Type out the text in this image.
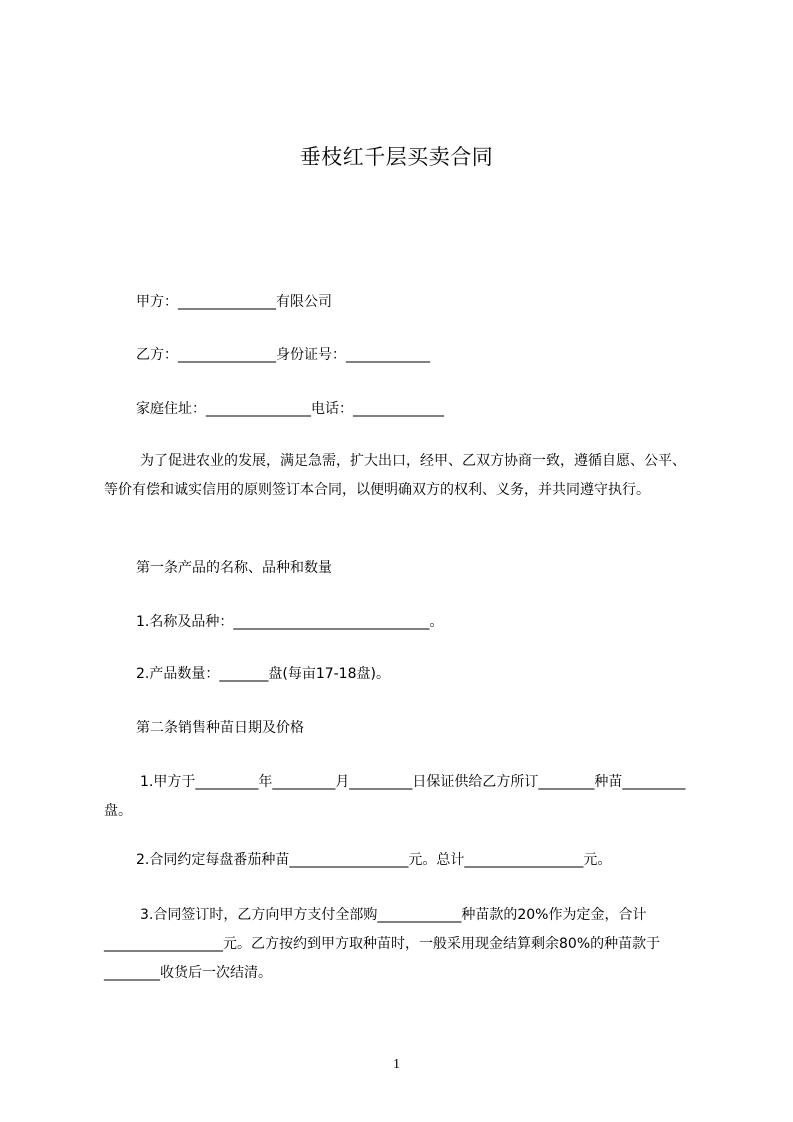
垂枝红千层买卖合同
甲方：______________有限公司
乙方：______________身份证号：____________
家庭住址：_______________电话：_____________
为了促进农业的发展，满足急需，扩大出口，经甲、乙双方协商一致，遵循自愿、公平、等价有偿和诚实信用的原则签订本合同，以便明确双方的权利、义务，并共同遵守执行。
第一条产品的名称、品种和数量
1.名称及品种：____________________________。
2.产品数量：_______盘(每亩17-18盘)。
第二条销售种苗日期及价格
1.甲方于_________年_________月_________日保证供给乙方所订________种苗_________盘。
2.合同约定每盘番茄种苗_________________元。总计_________________元。
3.合同签订时，乙方向甲方支付全部购____________种苗款的20%作为定金，合计_________________元。乙方按约到甲方取种苗时，一般采用现金结算剩余80%的种苗款于________收货后一次结清。
1
